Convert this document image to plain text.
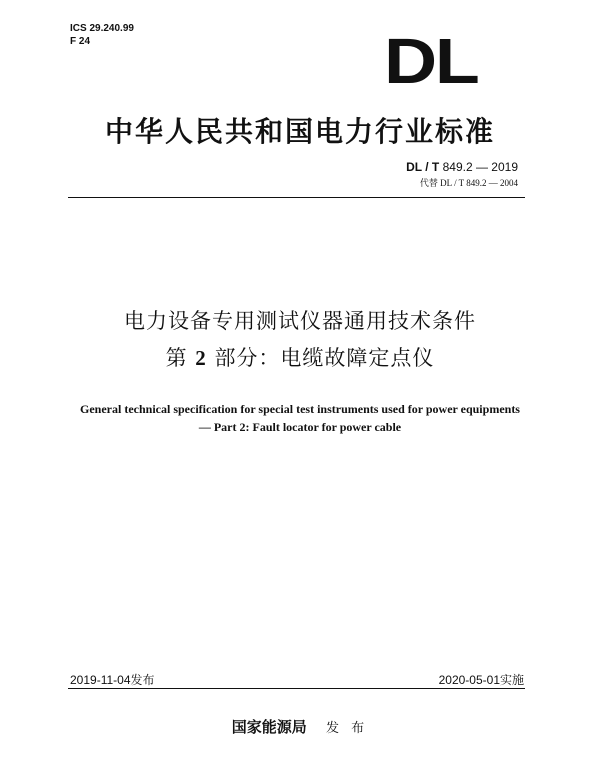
ICS 29.240.99
F 24	DL
中华人民共和国电力行业标准
DL / T 849.2 — 2019
代替 DL / T 849.2 — 2004
电力设备专用测试仪器通用技术条件
第 2 部分：电缆故障定点仪
General technical specification for special test instruments used for power equipments
— Part 2: Fault locator for power cable
2019-11-04发布	2020-05-01实施
国家能源局 发 布
